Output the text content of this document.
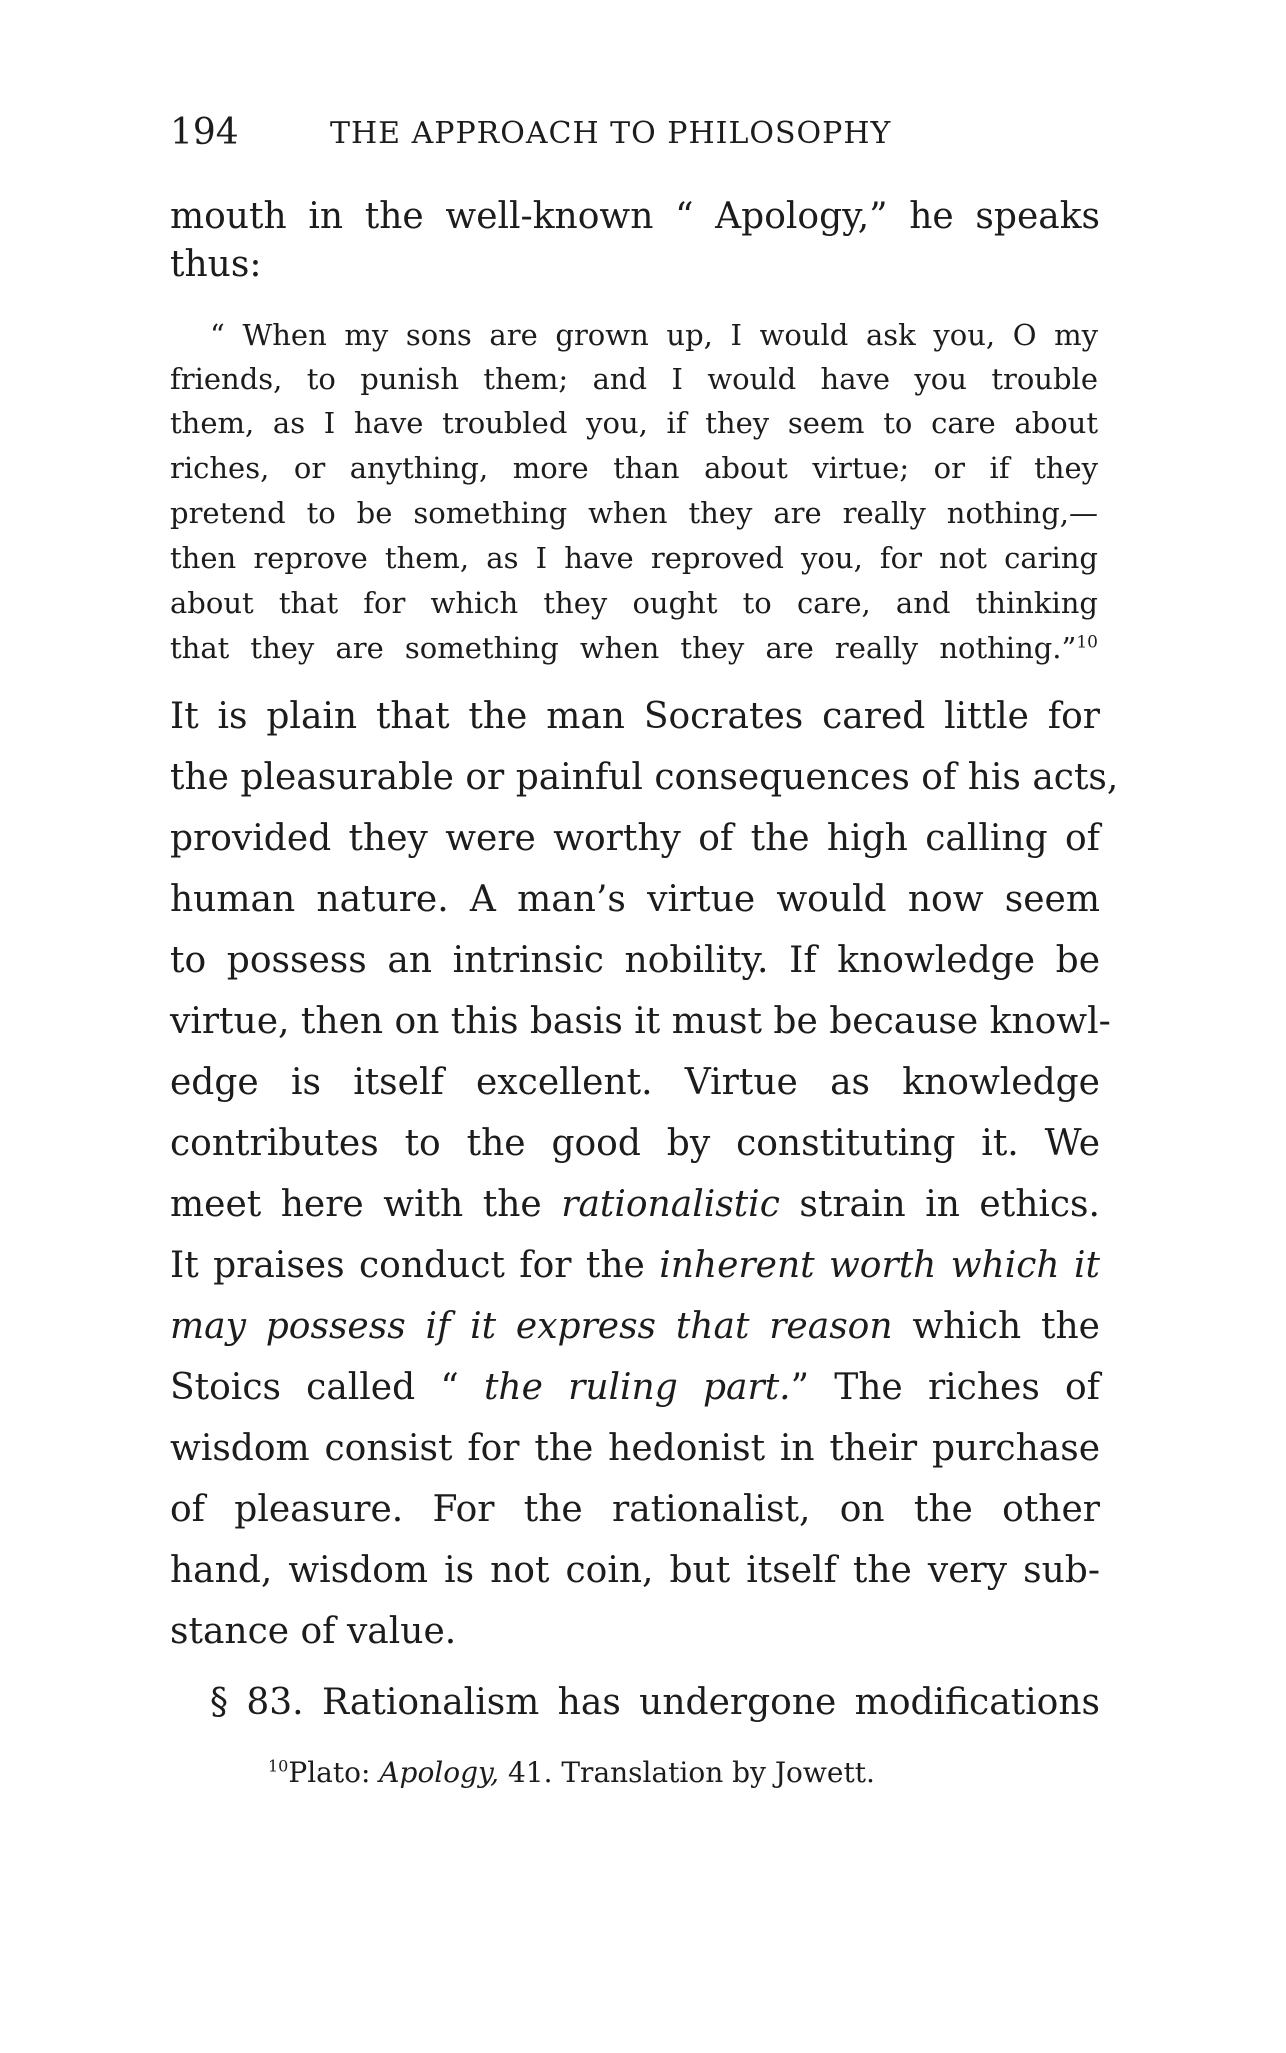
194	THE APPROACH TO PHILOSOPHY
mouth in the well-known “ Apology,” he speaks
thus:
“ When my sons are grown up, I would ask you, O my
friends, to punish them; and I would have you trouble
them, as I have troubled you, if they seem to care about
riches, or anything, more than about virtue; or if they
pretend to be something when they are really nothing,—
then reprove them, as I have reproved you, for not caring
about that for which they ought to care, and thinking
that they are something when they are really nothing.”$^{10}$
It is plain that the man Socrates cared little for
the pleasurable or painful consequences of his acts,
provided they were worthy of the high calling of
human nature. A man’s virtue would now seem
to possess an intrinsic nobility. If knowledge be
virtue, then on this basis it must be because knowl-
edge is itself excellent. Virtue as knowledge
contributes to the good by constituting it. We
meet here with the rationalistic strain in ethics.
It praises conduct for the inherent worth which it
may possess if it express that reason which the
Stoics called “ the ruling part.” The riches of
wisdom consist for the hedonist in their purchase
of pleasure. For the rationalist, on the other
hand, wisdom is not coin, but itself the very sub-
stance of value.
§ 83. Rationalism has undergone modifications
$^{10}$Plato: Apology, 41. Translation by Jowett.
